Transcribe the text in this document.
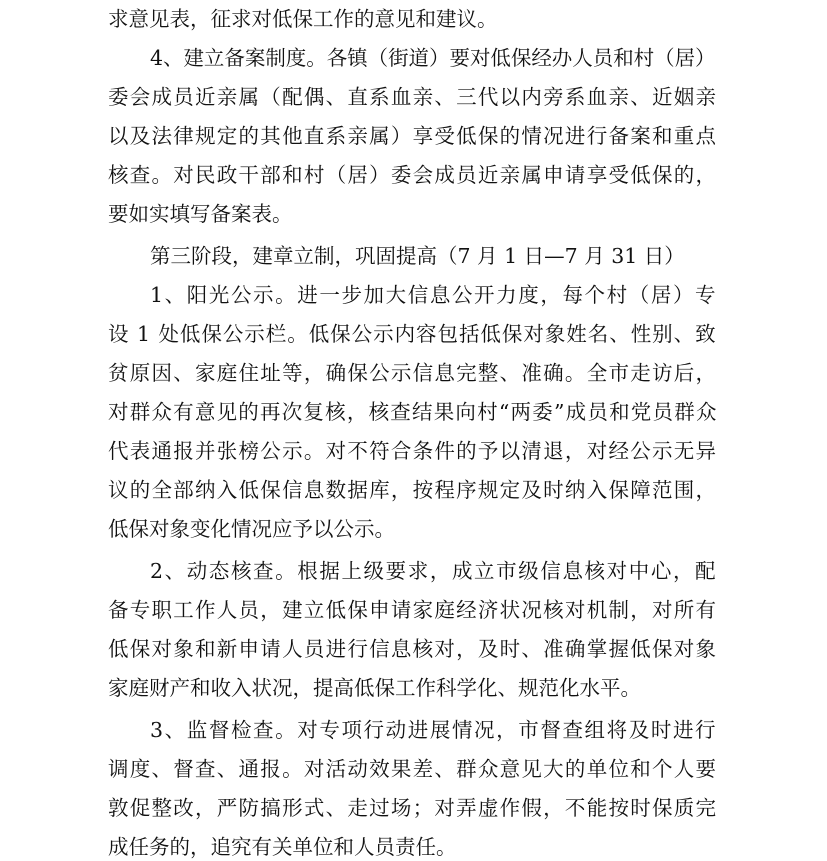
求意见表，征求对低保工作的意见和建议。
4、建立备案制度。各镇（街道）要对低保经办人员和村（居）
委会成员近亲属（配偶、直系血亲、三代以内旁系血亲、近姻亲
以及法律规定的其他直系亲属）享受低保的情况进行备案和重点
核查。对民政干部和村（居）委会成员近亲属申请享受低保的，
要如实填写备案表。
第三阶段，建章立制，巩固提高（7 月 1 日—7 月 31 日）
1、阳光公示。进一步加大信息公开力度，每个村（居）专
设 1 处低保公示栏。低保公示内容包括低保对象姓名、性别、致
贫原因、家庭住址等，确保公示信息完整、准确。全市走访后，
对群众有意见的再次复核，核查结果向村“两委”成员和党员群众
代表通报并张榜公示。对不符合条件的予以清退，对经公示无异
议的全部纳入低保信息数据库，按程序规定及时纳入保障范围，
低保对象变化情况应予以公示。
2、动态核查。根据上级要求，成立市级信息核对中心，配
备专职工作人员，建立低保申请家庭经济状况核对机制，对所有
低保对象和新申请人员进行信息核对，及时、准确掌握低保对象
家庭财产和收入状况，提高低保工作科学化、规范化水平。
3、监督检查。对专项行动进展情况，市督查组将及时进行
调度、督查、通报。对活动效果差、群众意见大的单位和个人要
敦促整改，严防搞形式、走过场；对弄虚作假，不能按时保质完
成任务的，追究有关单位和人员责任。
